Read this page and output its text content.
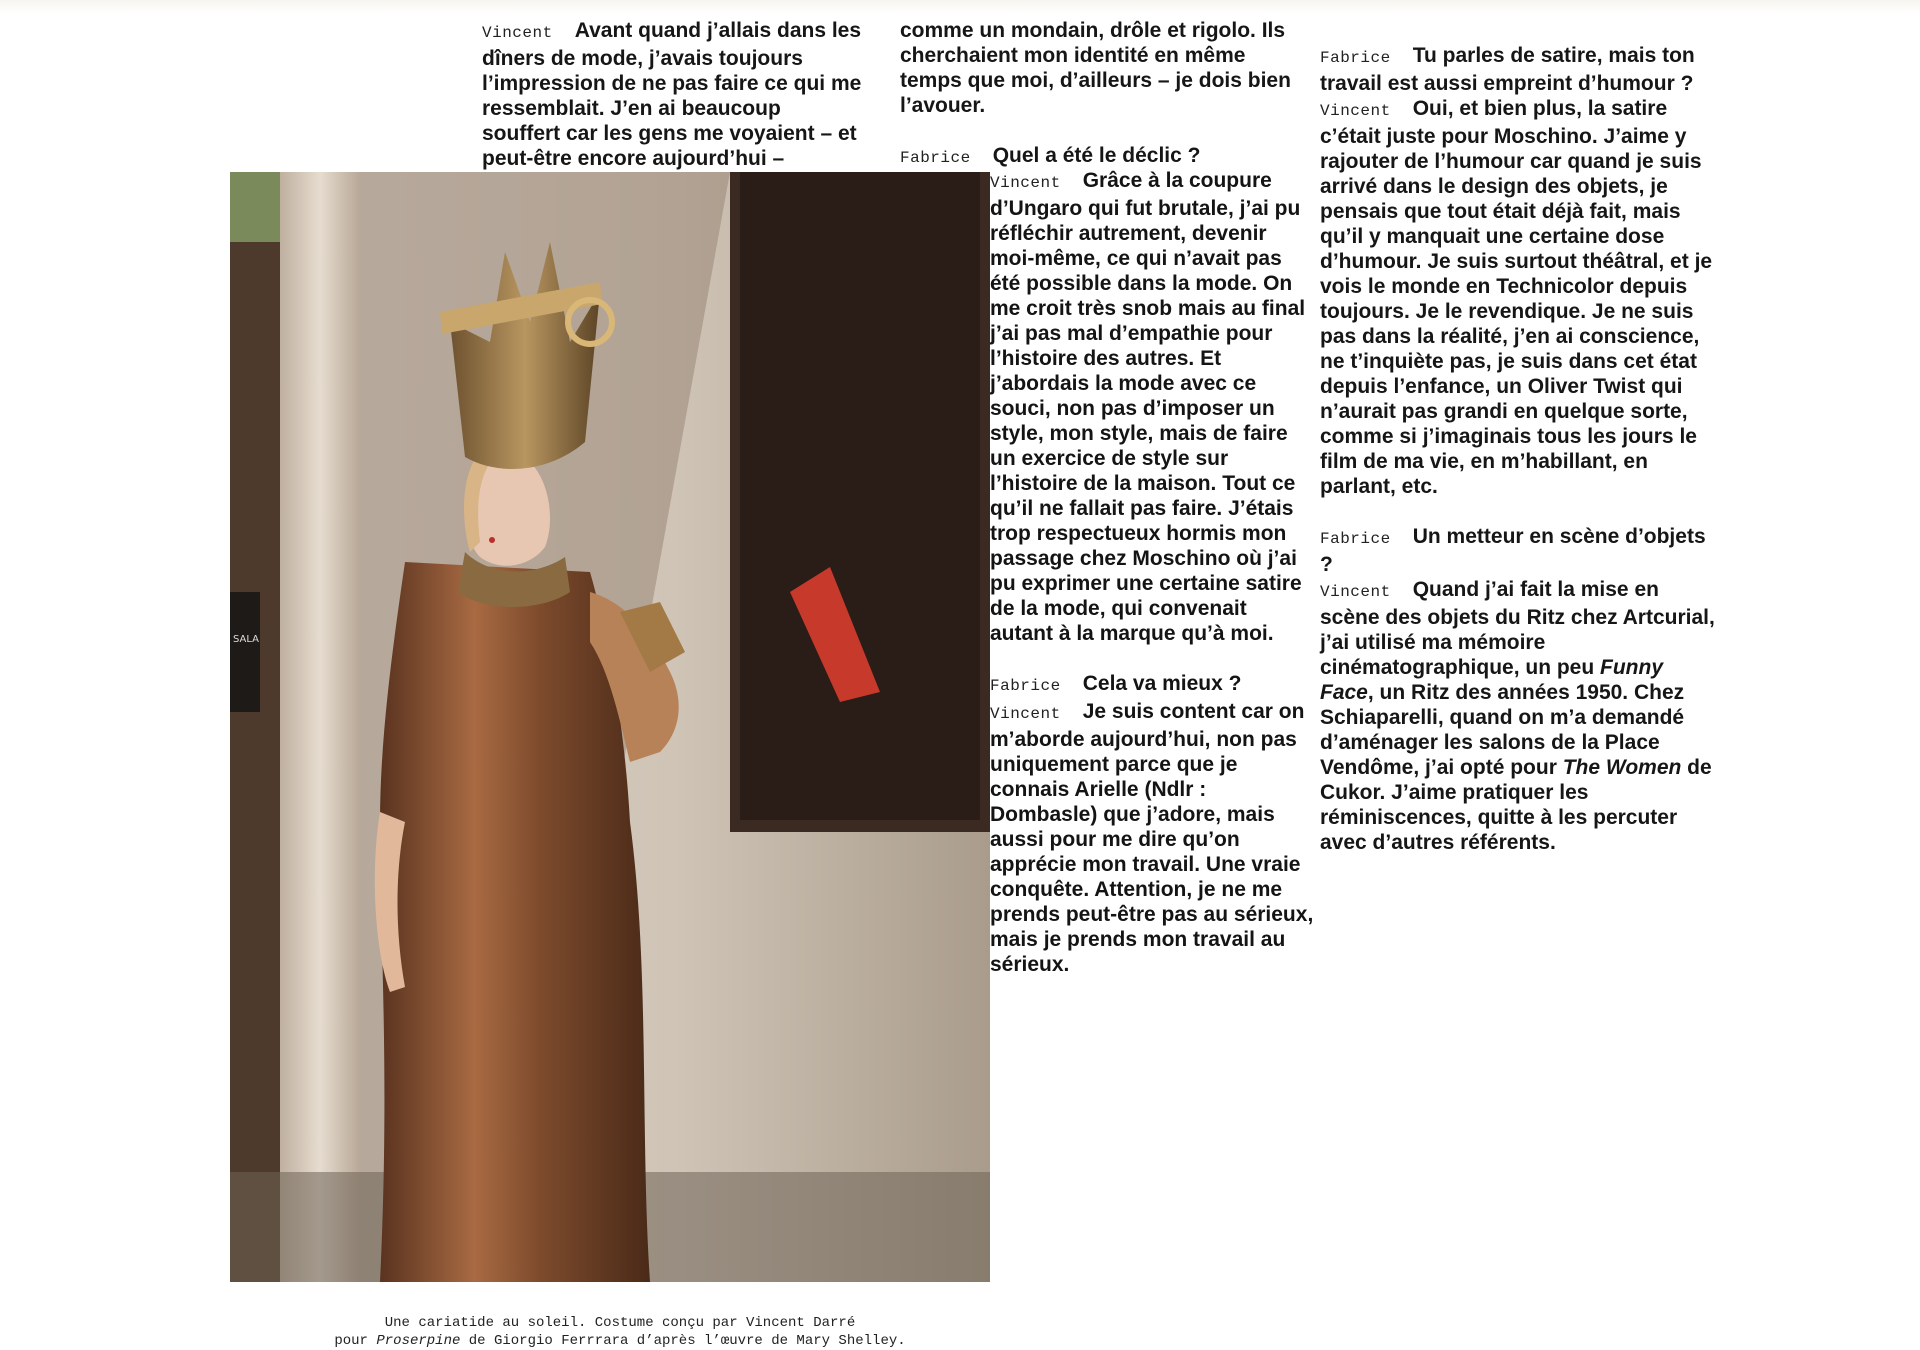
Vincent Avant quand j’allais dans les dîners de mode, j’avais toujours l’impression de ne pas faire ce qui me ressemblait. J’en ai beaucoup souffert car les gens me voyaient – et peut-être encore aujourd’hui –

comme un mondain, drôle et rigolo. Ils cherchaient mon identité en même temps que moi, d’ailleurs – je dois bien l’avouer.

Fabrice Quel a été le déclic ?

Vincent Grâce à la coupure d’Ungaro qui fut brutale, j’ai pu réfléchir autrement, devenir moi-même, ce qui n’avait pas été possible dans la mode. On me croit très snob mais au final j’ai pas mal d’empathie pour l’histoire des autres. Et j’abordais la mode avec ce souci, non pas d’imposer un style, mon style, mais de faire un exercice de style sur l’histoire de la maison. Tout ce qu’il ne fallait pas faire. J’étais trop respectueux hormis mon passage chez Moschino où j’ai pu exprimer une certaine satire de la mode, qui convenait autant à la marque qu’à moi.

Fabrice Cela va mieux ?

Vincent Je suis content car on m’aborde aujourd’hui, non pas uniquement parce que je connais Arielle (Ndlr : Dombasle) que j’adore, mais aussi pour me dire qu’on apprécie mon travail. Une vraie conquête. Attention, je ne me prends peut-être pas au sérieux, mais je prends mon travail au sérieux.

Fabrice Tu parles de satire, mais ton travail est aussi empreint d’humour ?

Vincent Oui, et bien plus, la satire c’était juste pour Moschino. J’aime y rajouter de l’humour car quand je suis arrivé dans le design des objets, je pensais que tout était déjà fait, mais qu’il y manquait une certaine dose d’humour. Je suis surtout théâtral, et je vois le monde en Technicolor depuis toujours. Je le revendique. Je ne suis pas dans la réalité, j’en ai conscience, ne t’inquiète pas, je suis dans cet état depuis l’enfance, un Oliver Twist qui n’aurait pas grandi en quelque sorte, comme si j’imaginais tous les jours le film de ma vie, en m’habillant, en parlant, etc.

Fabrice Un metteur en scène d’objets ?

Vincent Quand j’ai fait la mise en scène des objets du Ritz chez Artcurial, j’ai utilisé ma mémoire cinématographique, un peu Funny Face, un Ritz des années 1950. Chez Schiaparelli, quand on m’a demandé d’aménager les salons de la Place Vendôme, j’ai opté pour The Women de Cukor. J’aime pratiquer les réminiscences, quitte à les percuter avec d’autres référents.

SALA
Une cariatide au soleil. Costume conçu par Vincent Darré
pour Proserpine de Giorgio Ferrrara d’après l’œuvre de Mary Shelley.
